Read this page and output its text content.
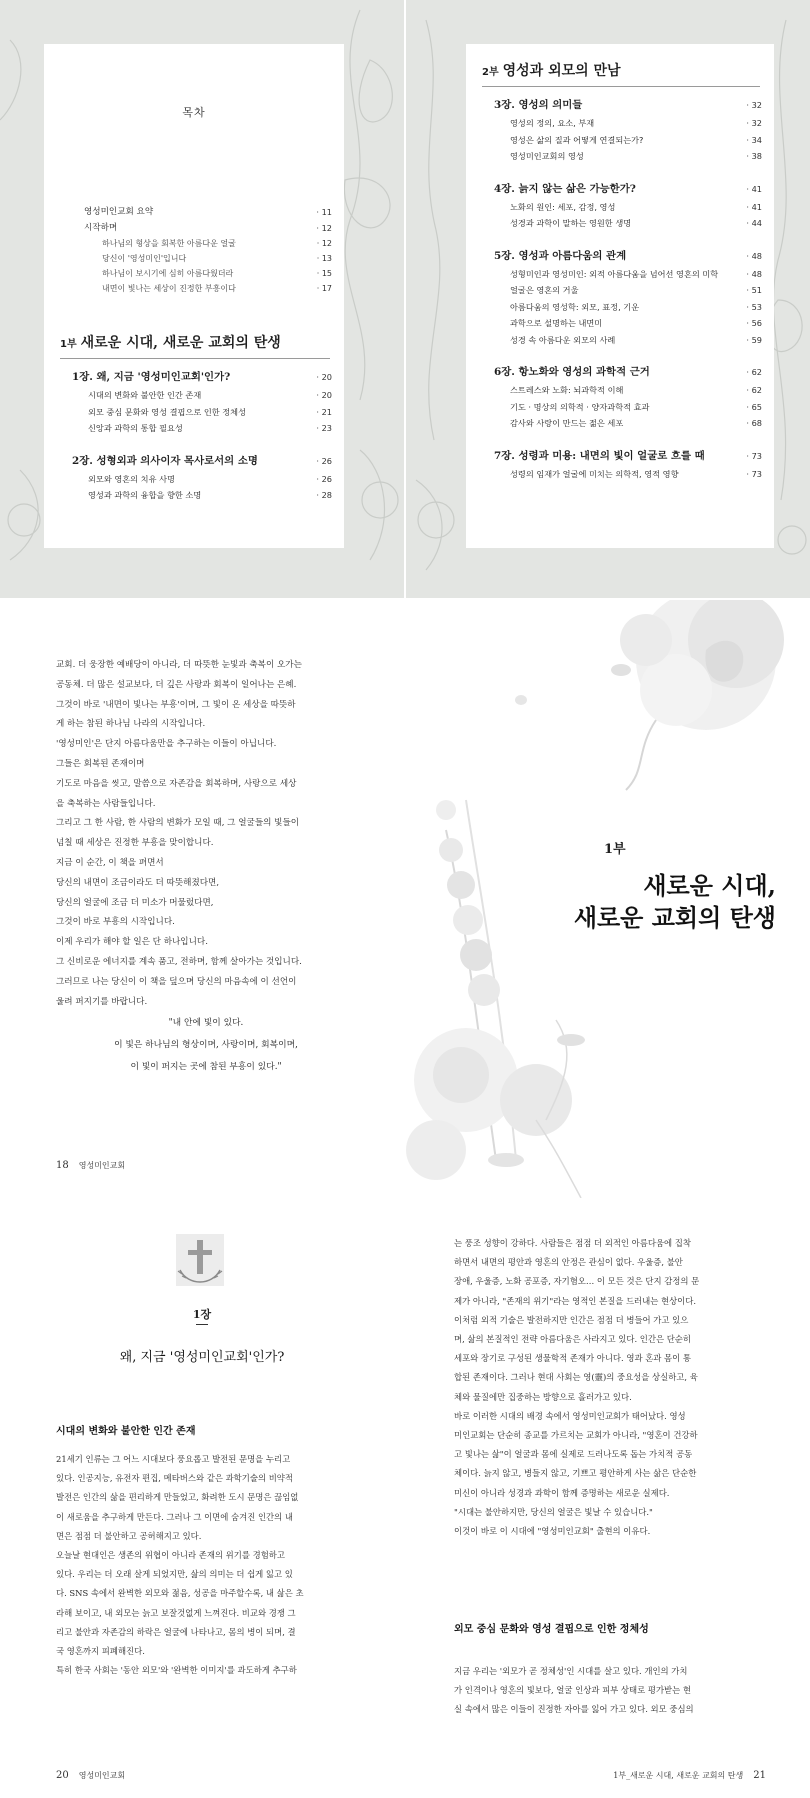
목차
영성미인교회 요약	· 11
시작하며	· 12
하나님의 형상을 회복한 아름다운 얼굴	· 12
당신이 '영성미인'입니다	· 13
하나님이 보시기에 심히 아름다웠더라	· 15
내면이 빛나는 세상이 진정한 부흥이다	· 17
1부 새로운 시대, 새로운 교회의 탄생
1장. 왜, 지금 '영성미인교회'인가?	· 20
시대의 변화와 불안한 인간 존재	· 20
외모 중심 문화와 영성 결핍으로 인한 정체성	· 21
신앙과 과학의 통합 필요성	· 23
2장. 성형외과 의사이자 목사로서의 소명	· 26
외모와 영혼의 치유 사명	· 26
영성과 과학의 융합을 향한 소명	· 28
2부 영성과 외모의 만남
3장. 영성의 의미들	· 32
영성의 정의, 요소, 부재	· 32
영성은 삶의 질과 어떻게 연결되는가?	· 34
영성미인교회의 영성	· 38
4장. 늙지 않는 삶은 가능한가?	· 41
노화의 원인: 세포, 감정, 영성	· 41
성경과 과학이 말하는 영원한 생명	· 44
5장. 영성과 아름다움의 관계	· 48
성형미인과 영성미인: 외적 아름다움을 넘어선 영혼의 미학	· 48
얼굴은 영혼의 거울	· 51
아름다움의 영성학: 외모, 표정, 기운	· 53
과학으로 설명하는 내면미	· 56
성경 속 아름다운 외모의 사례	· 59
6장. 항노화와 영성의 과학적 근거	· 62
스트레스와 노화: 뇌과학적 이해	· 62
기도 · 명상의 의학적 · 양자과학적 효과	· 65
감사와 사랑이 만드는 젊은 세포	· 68
7장. 성령과 미용: 내면의 빛이 얼굴로 흐를 때	· 73
성령의 임재가 얼굴에 미치는 의학적, 영적 영향	· 73

교회. 더 웅장한 예배당이 아니라, 더 따뜻한 눈빛과 축복이 오가는

공동체. 더 많은 설교보다, 더 깊은 사랑과 회복이 일어나는 은혜.

그것이 바로 '내면이 빛나는 부흥'이며, 그 빛이 온 세상을 따뜻하

게 하는 참된 하나님 나라의 시작입니다.

'영성미인'은 단지 아름다움만을 추구하는 이들이 아닙니다.

그들은 회복된 존재이며

기도로 마음을 씻고, 말씀으로 자존감을 회복하며, 사랑으로 세상

을 축복하는 사람들입니다.

그리고 그 한 사람, 한 사람의 변화가 모일 때, 그 얼굴들의 빛들이

넘칠 때 세상은 진정한 부흥을 맞이합니다.

지금 이 순간, 이 책을 펴면서

당신의 내면이 조금이라도 더 따뜻해졌다면,

당신의 얼굴에 조금 더 미소가 머물렀다면,

그것이 바로 부흥의 시작입니다.

이제 우리가 해야 할 일은 단 하나입니다.

그 신비로운 에너지를 계속 품고, 전하며, 함께 살아가는 것입니다.

그러므로 나는 당신이 이 책을 덮으며 당신의 마음속에 이 선언이

울려 퍼지기를 바랍니다.

"내 안에 빛이 있다.

이 빛은 하나님의 형상이며, 사랑이며, 회복이며,

이 빛이 퍼지는 곳에 참된 부흥이 있다."

18 영성미인교회
1부
새로운 시대,
새로운 교회의 탄생
1장
왜, 지금 '영성미인교회'인가?
시대의 변화와 불안한 인간 존재

21세기 인류는 그 어느 시대보다 풍요롭고 발전된 문명을 누리고

있다. 인공지능, 유전자 편집, 메타버스와 같은 과학기술의 비약적

발전은 인간의 삶을 편리하게 만들었고, 화려한 도시 문명은 끊임없

이 새로움을 추구하게 만든다. 그러나 그 이면에 숨겨진 인간의 내

면은 점점 더 불안하고 공허해지고 있다.

오늘날 현대인은 생존의 위협이 아니라 존재의 위기를 경험하고

있다. 우리는 더 오래 살게 되었지만, 삶의 의미는 더 쉽게 잃고 있

다. SNS 속에서 완벽한 외모와 젊음, 성공을 마주할수록, 내 삶은 초

라해 보이고, 내 외모는 늙고 보잘것없게 느껴진다. 비교와 경쟁 그

리고 불안과 자존감의 하락은 얼굴에 나타나고, 몸의 병이 되며, 결

국 영혼까지 피폐해진다.

특히 한국 사회는 '동안 외모'와 '완벽한 이미지'를 과도하게 추구하

20 영성미인교회

는 풍조 성향이 강하다. 사람들은 점점 더 외적인 아름다움에 집착

하면서 내면의 평안과 영혼의 안정은 관심이 없다. 우울증, 불안

장애, 우울증, 노화 공포증, 자기혐오… 이 모든 것은 단지 감정의 문

제가 아니라, "존재의 위기"라는 영적인 본질을 드러내는 현상이다.

이처럼 외적 기술은 발전하지만 인간은 점점 더 병들어 가고 있으

며, 삶의 본질적인 전략 아름다움은 사라지고 있다. 인간은 단순히

세포와 장기로 구성된 생물학적 존재가 아니다. 영과 혼과 몸이 통

합된 존재이다. 그러나 현대 사회는 영(靈)의 중요성을 상실하고, 육

체와 물질에만 집중하는 방향으로 흘러가고 있다.

바로 이러한 시대의 배경 속에서 영성미인교회가 태어났다. 영성

미인교회는 단순히 종교를 가르치는 교회가 아니라, "영혼이 건강하

고 빛나는 삶"이 얼굴과 몸에 실제로 드러나도록 돕는 가치적 공동

체이다. 늙지 않고, 병들지 않고, 기쁘고 평안하게 사는 삶은 단순한

미신이 아니라 성경과 과학이 함께 증명하는 새로운 실제다.

"시대는 불안하지만, 당신의 얼굴은 빛날 수 있습니다."

이것이 바로 이 시대에 "영성미인교회" 출현의 이유다.

외모 중심 문화와 영성 결핍으로 인한 정체성

지금 우리는 '외모가 곧 정체성'인 시대를 살고 있다. 개인의 가치

가 인격이나 영혼의 빛보다, 얼굴 인상과 피부 상태로 평가받는 현

실 속에서 많은 이들이 진정한 자아를 잃어 가고 있다. 외모 중심의

1부_새로운 시대, 새로운 교회의 탄생 21
